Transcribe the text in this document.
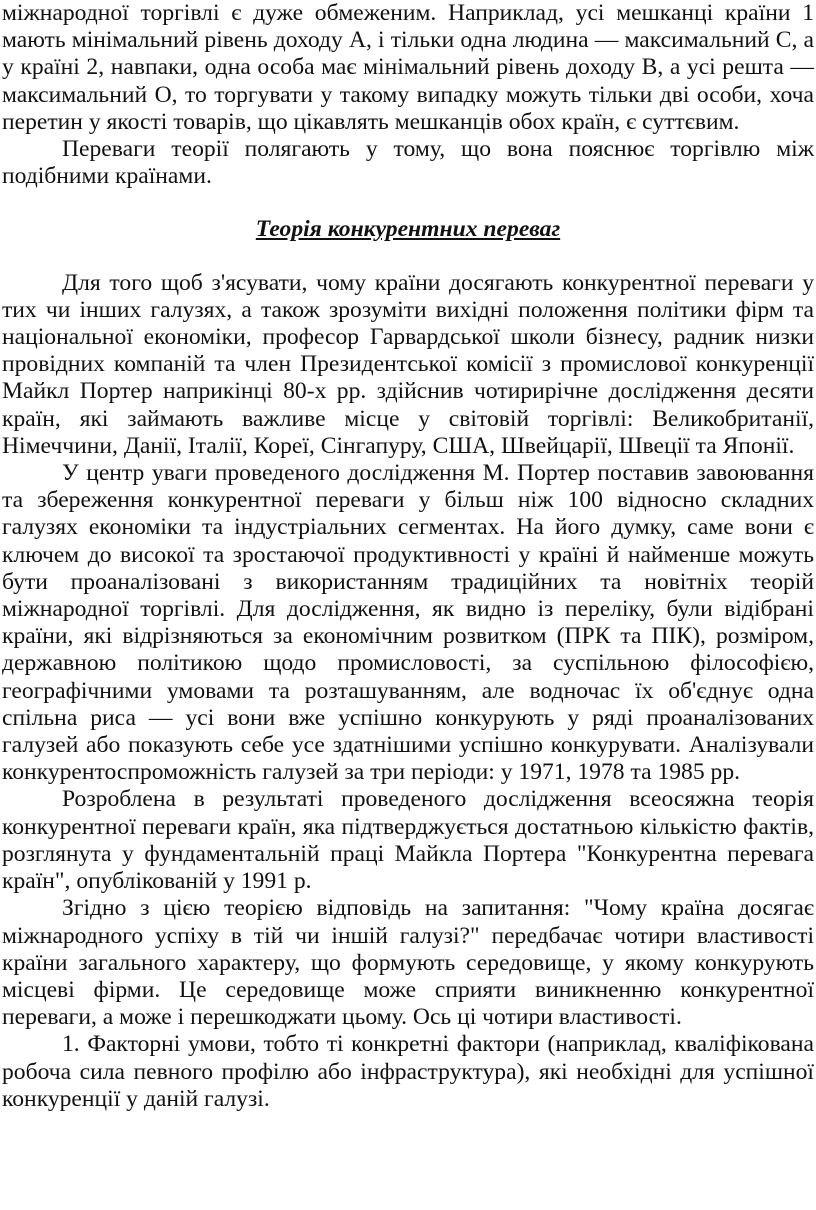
міжнародної торгівлі є дуже обмеженим. Наприклад, усі мешканці країни 1 мають мінімальний рівень доходу А, і тільки одна людина — максимальний С, а у країні 2, навпаки, одна особа має мінімальний рівень доходу В, а усі решта — максимальний О, то торгувати у такому випадку можуть тільки дві особи, хоча перетин у якості товарів, що цікавлять мешканців обох країн, є суттєвим.

Переваги теорії полягають у тому, що вона пояснює торгівлю між подібними країнами.

Теорія конкурентних переваг

Для того щоб з'ясувати, чому країни досягають конкурентної переваги у тих чи інших галузях, а також зрозуміти вихідні положення політики фірм та національної економіки, професор Гарвардської школи бізнесу, радник низки провідних компаній та член Президентської комісії з промислової конкуренції Майкл Портер наприкінці 80-х рр. здійснив чотирирічне дослідження десяти країн, які займають важливе місце у світовій торгівлі: Великобританії, Німеччини, Данії, Італії, Кореї, Сінгапуру, США, Швейцарії, Швеції та Японії.

У центр уваги проведеного дослідження М. Портер поставив завоювання та збереження конкурентної переваги у більш ніж 100 відносно складних галузях економіки та індустріальних сегментах. На його думку, саме вони є ключем до високої та зростаючої продуктивності у країні й найменше можуть бути проаналізовані з використанням традиційних та новітніх теорій міжнародної торгівлі. Для дослідження, як видно із переліку, були відібрані країни, які відрізняються за економічним розвитком (ПРК та ПІК), розміром, державною політикою щодо промисловості, за суспільною філософією, географічними умовами та розташуванням, але водночас їх об'єднує одна спільна риса — усі вони вже успішно конкурують у ряді проаналізованих галузей або показують себе усе здатнішими успішно конкурувати. Аналізували конкурентоспроможність галузей за три періоди: у 1971, 1978 та 1985 рр.

Розроблена в результаті проведеного дослідження всеосяжна теорія конкурентної переваги країн, яка підтверджується достатньою кількістю фактів, розглянута у фундаментальній праці Майкла Портера "Конкурентна перевага країн", опублікованій у 1991 р.

Згідно з цією теорією відповідь на запитання: "Чому країна досягає міжнародного успіху в тій чи іншій галузі?" передбачає чотири властивості країни загального характеру, що формують середовище, у якому конкурують місцеві фірми. Це середовище може сприяти виникненню конкурентної переваги, а може і перешкоджати цьому. Ось ці чотири властивості.

1. Факторні умови, тобто ті конкретні фактори (наприклад, кваліфікована робоча сила певного профілю або інфраструктура), які необхідні для успішної конкуренції у даній галузі.
